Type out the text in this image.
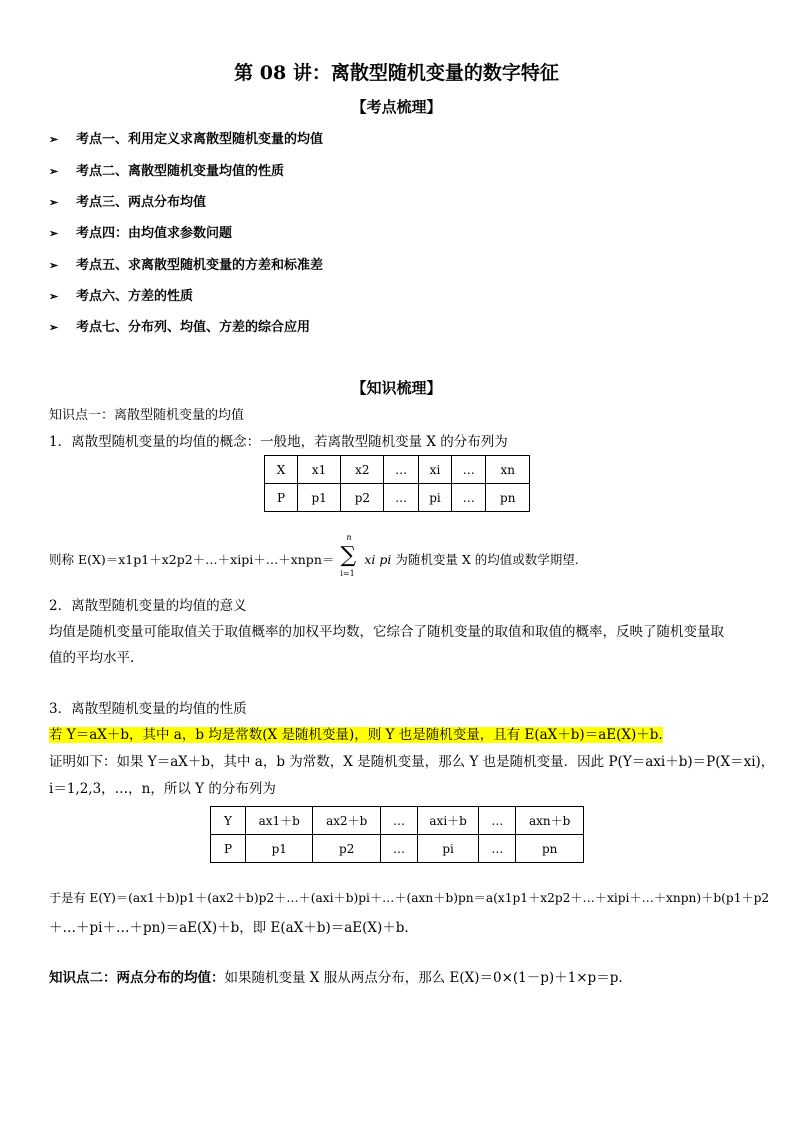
第 08 讲：离散型随机变量的数字特征
【考点梳理】
➢ 考点一、利用定义求离散型随机变量的均值
➢ 考点二、离散型随机变量均值的性质
➢ 考点三、两点分布均值
➢ 考点四：由均值求参数问题
➢ 考点五、求离散型随机变量的方差和标准差
➢ 考点六、方差的性质
➢ 考点七、分布列、均值、方差的综合应用
【知识梳理】
知识点一：离散型随机变量的均值
1．离散型随机变量的均值的概念：一般地，若离散型随机变量 X 的分布列为
X	x1	x2	…	xi	…	xn
P	p1	p2	…	pi	…	pn
则称 E(X)＝x1p1＋x2p2＋…＋xipi＋…＋xnpn＝
n
∑
i=1
xi pi 为随机变量 X 的均值或数学期望.
2．离散型随机变量的均值的意义
均值是随机变量可能取值关于取值概率的加权平均数，它综合了随机变量的取值和取值的概率，反映了随机变量取
值的平均水平.
3．离散型随机变量的均值的性质
若 Y＝aX＋b，其中 a，b 均是常数(X 是随机变量)，则 Y 也是随机变量，且有 E(aX＋b)＝aE(X)＋b.
证明如下：如果 Y＝aX＋b，其中 a，b 为常数，X 是随机变量，那么 Y 也是随机变量．因此 P(Y＝axi＋b)＝P(X＝xi)，
i＝1,2,3，…，n，所以 Y 的分布列为
Y	ax1＋b	ax2＋b	…	axi＋b	…	axn＋b
P	p1	p2	…	pi	…	pn
于是有 E(Y)＝(ax1＋b)p1＋(ax2＋b)p2＋…＋(axi＋b)pi＋…＋(axn＋b)pn＝a(x1p1＋x2p2＋…＋xipi＋…＋xnpn)＋b(p1＋p2
＋…＋pi＋…＋pn)＝aE(X)＋b，即 E(aX＋b)＝aE(X)＋b.
知识点二：两点分布的均值：如果随机变量 X 服从两点分布，那么 E(X)＝0×(1－p)＋1×p＝p.
